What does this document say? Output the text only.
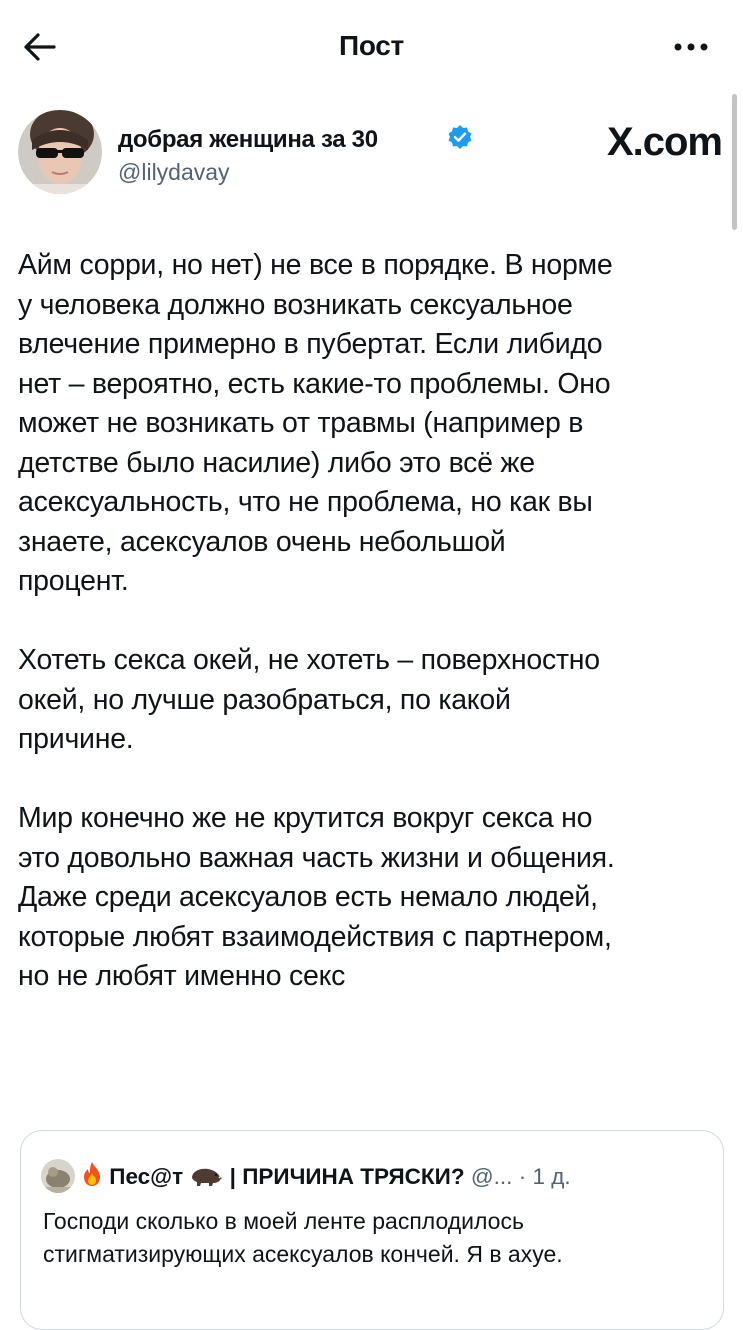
Пост
добрая женщина за 30
@lilydavay
X.com

Айм сорри, но нет) не все в порядке. В норме
у человека должно возникать сексуальное
влечение примерно в пубертат. Если либидо
нет – вероятно, есть какие-то проблемы. Оно
может не возникать от травмы (например в
детстве было насилие) либо это всё же
асексуальность, что не проблема, но как вы
знаете, асексуалов очень небольшой
процент.

Хотеть секса окей, не хотеть – поверхностно
окей, но лучше разобраться, по какой
причине.

Мир конечно же не крутится вокруг секса но
это довольно важная часть жизни и общения.
Даже среди асексуалов есть немало людей,
которые любят взаимодействия с партнером,
но не любят именно секс

Пес@т | ПРИЧИНА ТРЯСКИ? @... · 1 д.
Господи сколько в моей ленте расплодилось
стигматизирующих асексуалов кончей. Я в ахуе.
